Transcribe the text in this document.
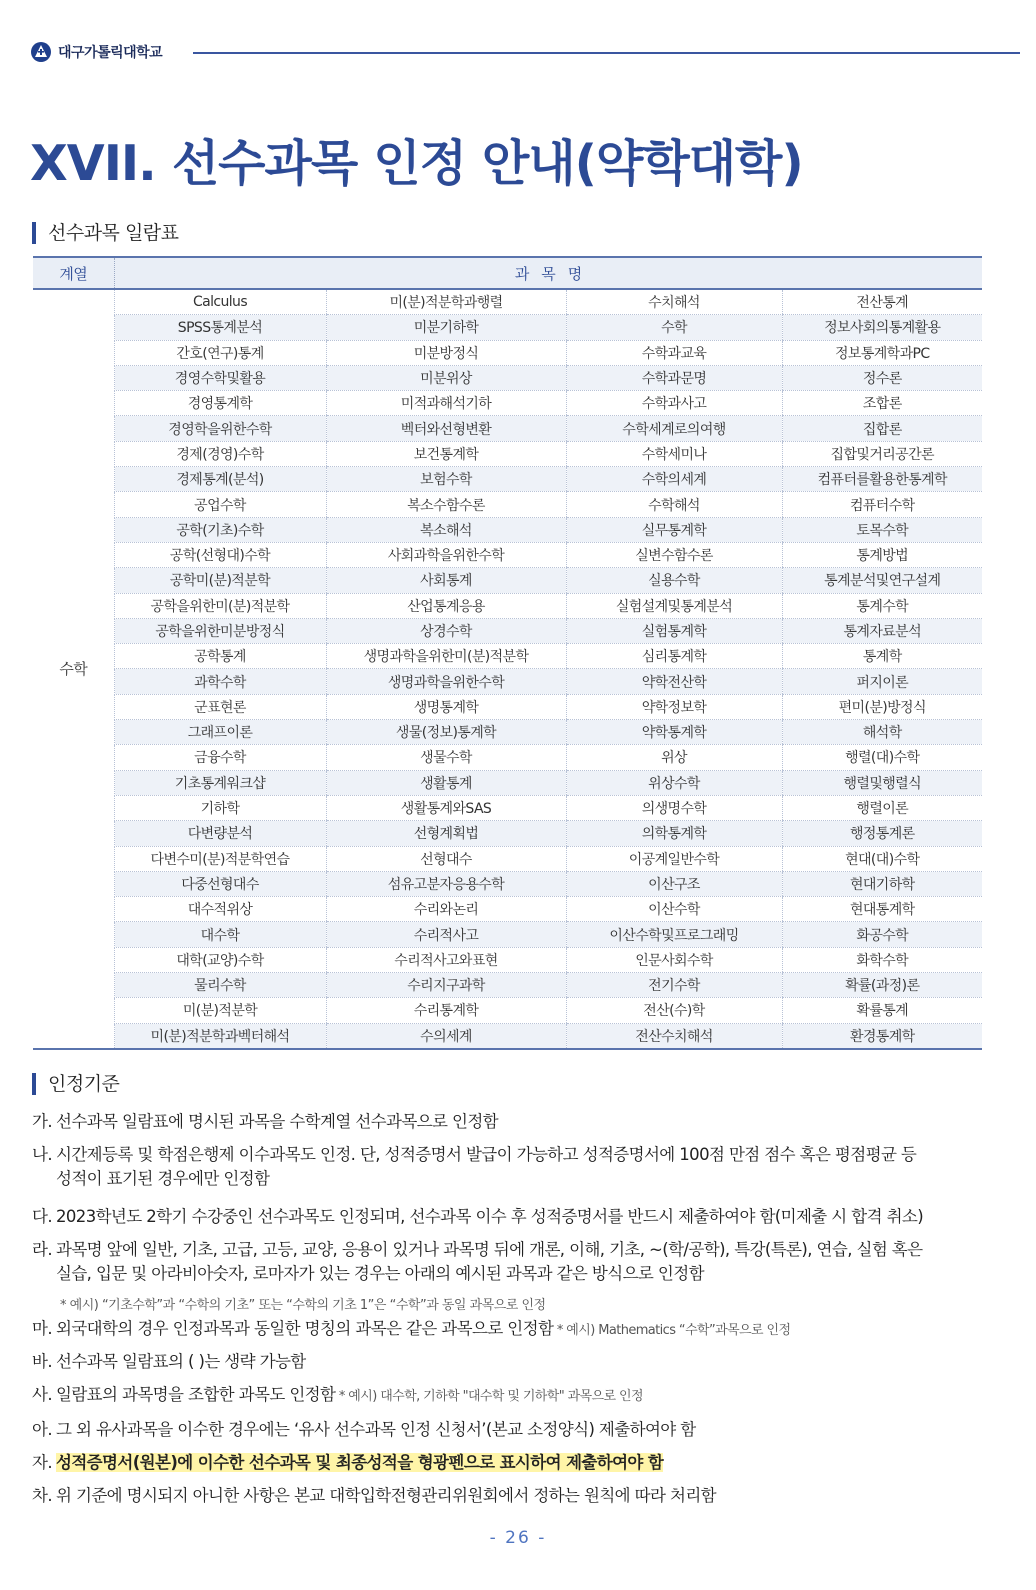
대구가톨릭대학교
XVII. 선수과목 인정 안내(약학대학)
선수과목 일람표
계열	과   목   명			
수학	Calculus	미(분)적분학과행렬	수치해석	전산통계
	SPSS통계분석	미분기하학	수학	정보사회의통계활용
	간호(연구)통계	미분방정식	수학과교육	정보통계학과PC
	경영수학및활용	미분위상	수학과문명	정수론
	경영통계학	미적과해석기하	수학과사고	조합론
	경영학을위한수학	벡터와선형변환	수학세계로의여행	집합론
	경제(경영)수학	보건통계학	수학세미나	집합및거리공간론
	경제통계(분석)	보험수학	수학의세계	컴퓨터를활용한통계학
	공업수학	복소수함수론	수학해석	컴퓨터수학
	공학(기초)수학	복소해석	실무통계학	토목수학
	공학(선형대)수학	사회과학을위한수학	실변수함수론	통계방법
	공학미(분)적분학	사회통계	실용수학	통계분석및연구설계
	공학을위한미(분)적분학	산업통계응용	실험설계및통계분석	통계수학
	공학을위한미분방정식	상경수학	실험통계학	통계자료분석
	공학통계	생명과학을위한미(분)적분학	심리통계학	통계학
	과학수학	생명과학을위한수학	약학전산학	퍼지이론
	군표현론	생명통계학	약학정보학	편미(분)방정식
	그래프이론	생물(정보)통계학	약학통계학	해석학
	금융수학	생물수학	위상	행렬(대)수학
	기초통계워크샵	생활통계	위상수학	행렬및행렬식
	기하학	생활통계와SAS	의생명수학	행렬이론
	다변량분석	선형계획법	의학통계학	행정통계론
	다변수미(분)적분학연습	선형대수	이공계일반수학	현대(대)수학
	다중선형대수	섬유고분자응용수학	이산구조	현대기하학
	대수적위상	수리와논리	이산수학	현대통계학
	대수학	수리적사고	이산수학및프로그래밍	화공수학
	대학(교양)수학	수리적사고와표현	인문사회수학	화학수학
	물리수학	수리지구과학	전기수학	확률(과정)론
	미(분)적분학	수리통계학	전산(수)학	확률통계
	미(분)적분학과벡터해석	수의세계	전산수치해석	환경통계학
인정기준
가. 선수과목 일람표에 명시된 과목을 수학계열 선수과목으로 인정함
나. 시간제등록 및 학점은행제 이수과목도 인정. 단, 성적증명서 발급이 가능하고 성적증명서에 100점 만점 점수 혹은 평점평균 등
성적이 표기된 경우에만 인정함
다. 2023학년도 2학기 수강중인 선수과목도 인정되며, 선수과목 이수 후 성적증명서를 반드시 제출하여야 함(미제출 시 합격 취소)
라. 과목명 앞에 일반, 기초, 고급, 고등, 교양, 응용이 있거나 과목명 뒤에 개론, 이해, 기초, ~(학/공학), 특강(특론), 연습, 실험 혹은
실습, 입문 및 아라비아숫자, 로마자가 있는 경우는 아래의 예시된 과목과 같은 방식으로 인정함
* 예시) “기초수학”과 “수학의 기초” 또는 “수학의 기초 1”은 “수학”과 동일 과목으로 인정
마. 외국대학의 경우 인정과목과 동일한 명칭의 과목은 같은 과목으로 인정함 * 예시) Mathematics “수학”과목으로 인정
바. 선수과목 일람표의 ( )는 생략 가능함
사. 일람표의 과목명을 조합한 과목도 인정함 * 예시) 대수학, 기하학 "대수학 및 기하학" 과목으로 인정
아. 그 외 유사과목을 이수한 경우에는 ‘유사 선수과목 인정 신청서’(본교 소정양식) 제출하여야 함
자. 성적증명서(원본)에 이수한 선수과목 및 최종성적을 형광펜으로 표시하여 제출하여야 함
차. 위 기준에 명시되지 아니한 사항은 본교 대학입학전형관리위원회에서 정하는 원칙에 따라 처리함
- 26 -
